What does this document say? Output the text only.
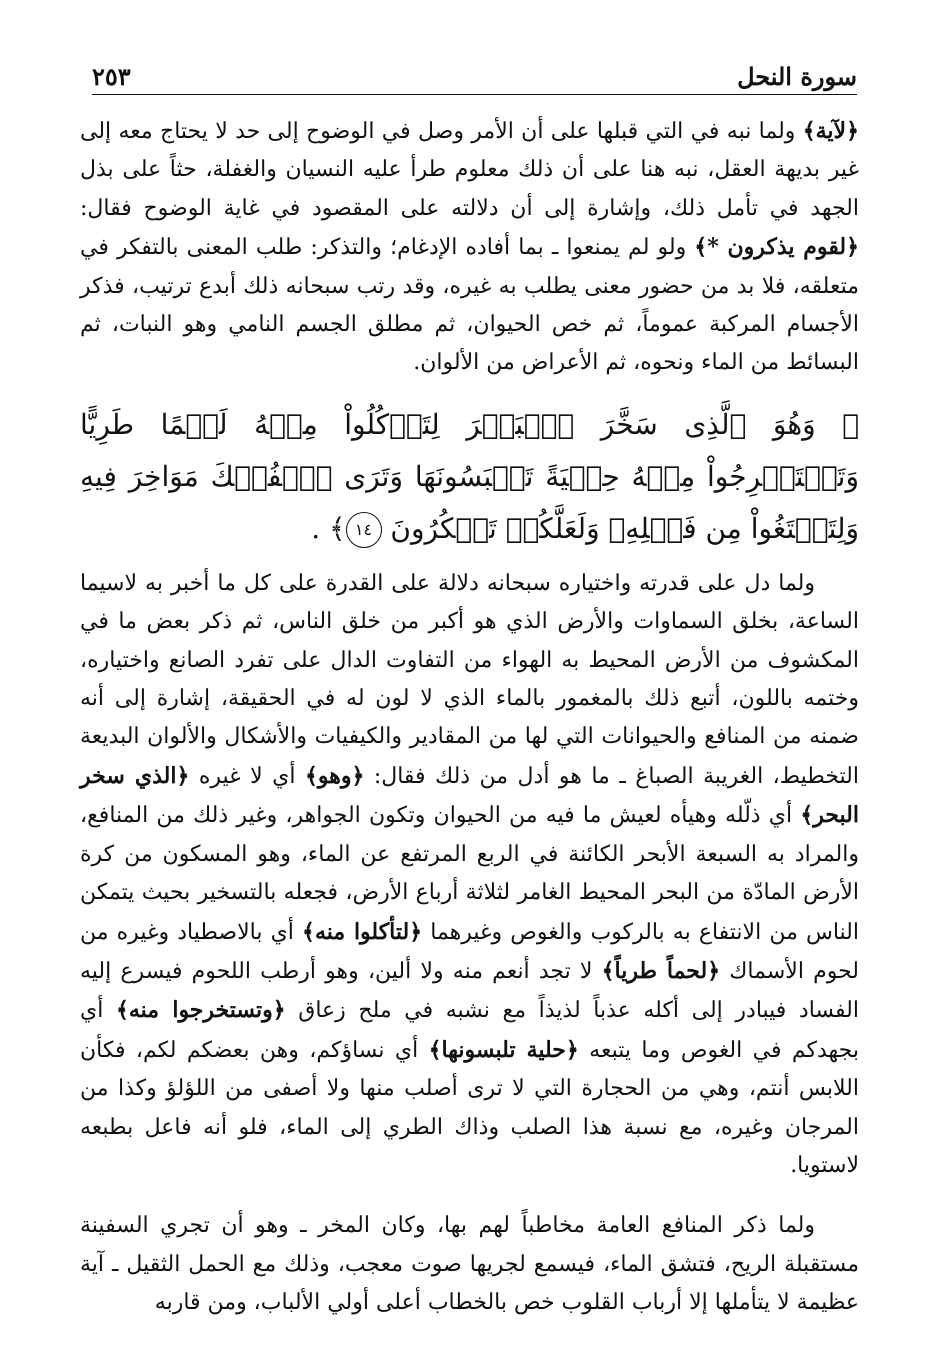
سورة النحل
٢٥٣

﴿لآية﴾ ولما نبه في التي قبلها على أن الأمر وصل في الوضوح إلى حد لا يحتاج معه إلى غير بديهة العقل، نبه هنا على أن ذلك معلوم طرأ عليه النسيان والغفلة، حثاً على بذل الجهد في تأمل ذلك، وإشارة إلى أن دلالته على المقصود في غاية الوضوح فقال: ﴿لقوم يذكرون *﴾ ولو لم يمنعوا ـ بما أفاده الإدغام؛ والتذكر: طلب المعنى بالتفكر في متعلقه، فلا بد من حضور معنى يطلب به غيره، وقد رتب سبحانه ذلك أبدع ترتيب، فذكر الأجسام المركبة عموماً، ثم خص الحيوان، ثم مطلق الجسم النامي وهو النبات، ثم البسائط من الماء ونحوه، ثم الأعراض من الألوان.

﴿ وَهُوَ ٱلَّذِى سَخَّرَ ٱلۡبَحۡرَ لِتَأۡكُلُواْ مِنۡهُ لَحۡمًا طَرِيًّا وَتَسۡتَخۡرِجُواْ مِنۡهُ حِلۡيَةً تَلۡبَسُونَهَا وَتَرَى ٱلۡفُلۡكَ مَوَاخِرَ فِيهِ وَلِتَبۡتَغُواْ مِن فَضۡلِهِۦ وَلَعَلَّكُمۡ تَشۡكُرُونَ ١٤﴾ .

ولما دل على قدرته واختياره سبحانه دلالة على القدرة على كل ما أخبر به لاسيما الساعة، بخلق السماوات والأرض الذي هو أكبر من خلق الناس، ثم ذكر بعض ما في المكشوف من الأرض المحيط به الهواء من التفاوت الدال على تفرد الصانع واختياره، وختمه باللون، أتبع ذلك بالمغمور بالماء الذي لا لون له في الحقيقة، إشارة إلى أنه ضمنه من المنافع والحيوانات التي لها من المقادير والكيفيات والأشكال والألوان البديعة التخطيط، الغريبة الصباغ ـ ما هو أدل من ذلك فقال: ﴿وهو﴾ أي لا غيره ﴿الذي سخر البحر﴾ أي ذلّله وهيأه لعيش ما فيه من الحيوان وتكون الجواهر، وغير ذلك من المنافع، والمراد به السبعة الأبحر الكائنة في الربع المرتفع عن الماء، وهو المسكون من كرة الأرض المادّة من البحر المحيط الغامر لثلاثة أرباع الأرض، فجعله بالتسخير بحيث يتمكن الناس من الانتفاع به بالركوب والغوص وغيرهما ﴿لتأكلوا منه﴾ أي بالاصطياد وغيره من لحوم الأسماك ﴿لحماً طرياً﴾ لا تجد أنعم منه ولا ألين، وهو أرطب اللحوم فيسرع إليه الفساد فيبادر إلى أكله عذباً لذيذاً مع نشبه في ملح زعاق ﴿وتستخرجوا منه﴾ أي بجهدكم في الغوص وما يتبعه ﴿حلية تلبسونها﴾ أي نساؤكم، وهن بعضكم لكم، فكأن اللابس أنتم، وهي من الحجارة التي لا ترى أصلب منها ولا أصفى من اللؤلؤ وكذا من المرجان وغيره، مع نسبة هذا الصلب وذاك الطري إلى الماء، فلو أنه فاعل بطبعه لاستويا.

ولما ذكر المنافع العامة مخاطباً لهم بها، وكان المخر ـ وهو أن تجري السفينة مستقبلة الريح، فتشق الماء، فيسمع لجريها صوت معجب، وذلك مع الحمل الثقيل ـ آية عظيمة لا يتأملها إلا أرباب القلوب خص بالخطاب أعلى أولي الألباب، ومن قاربه
